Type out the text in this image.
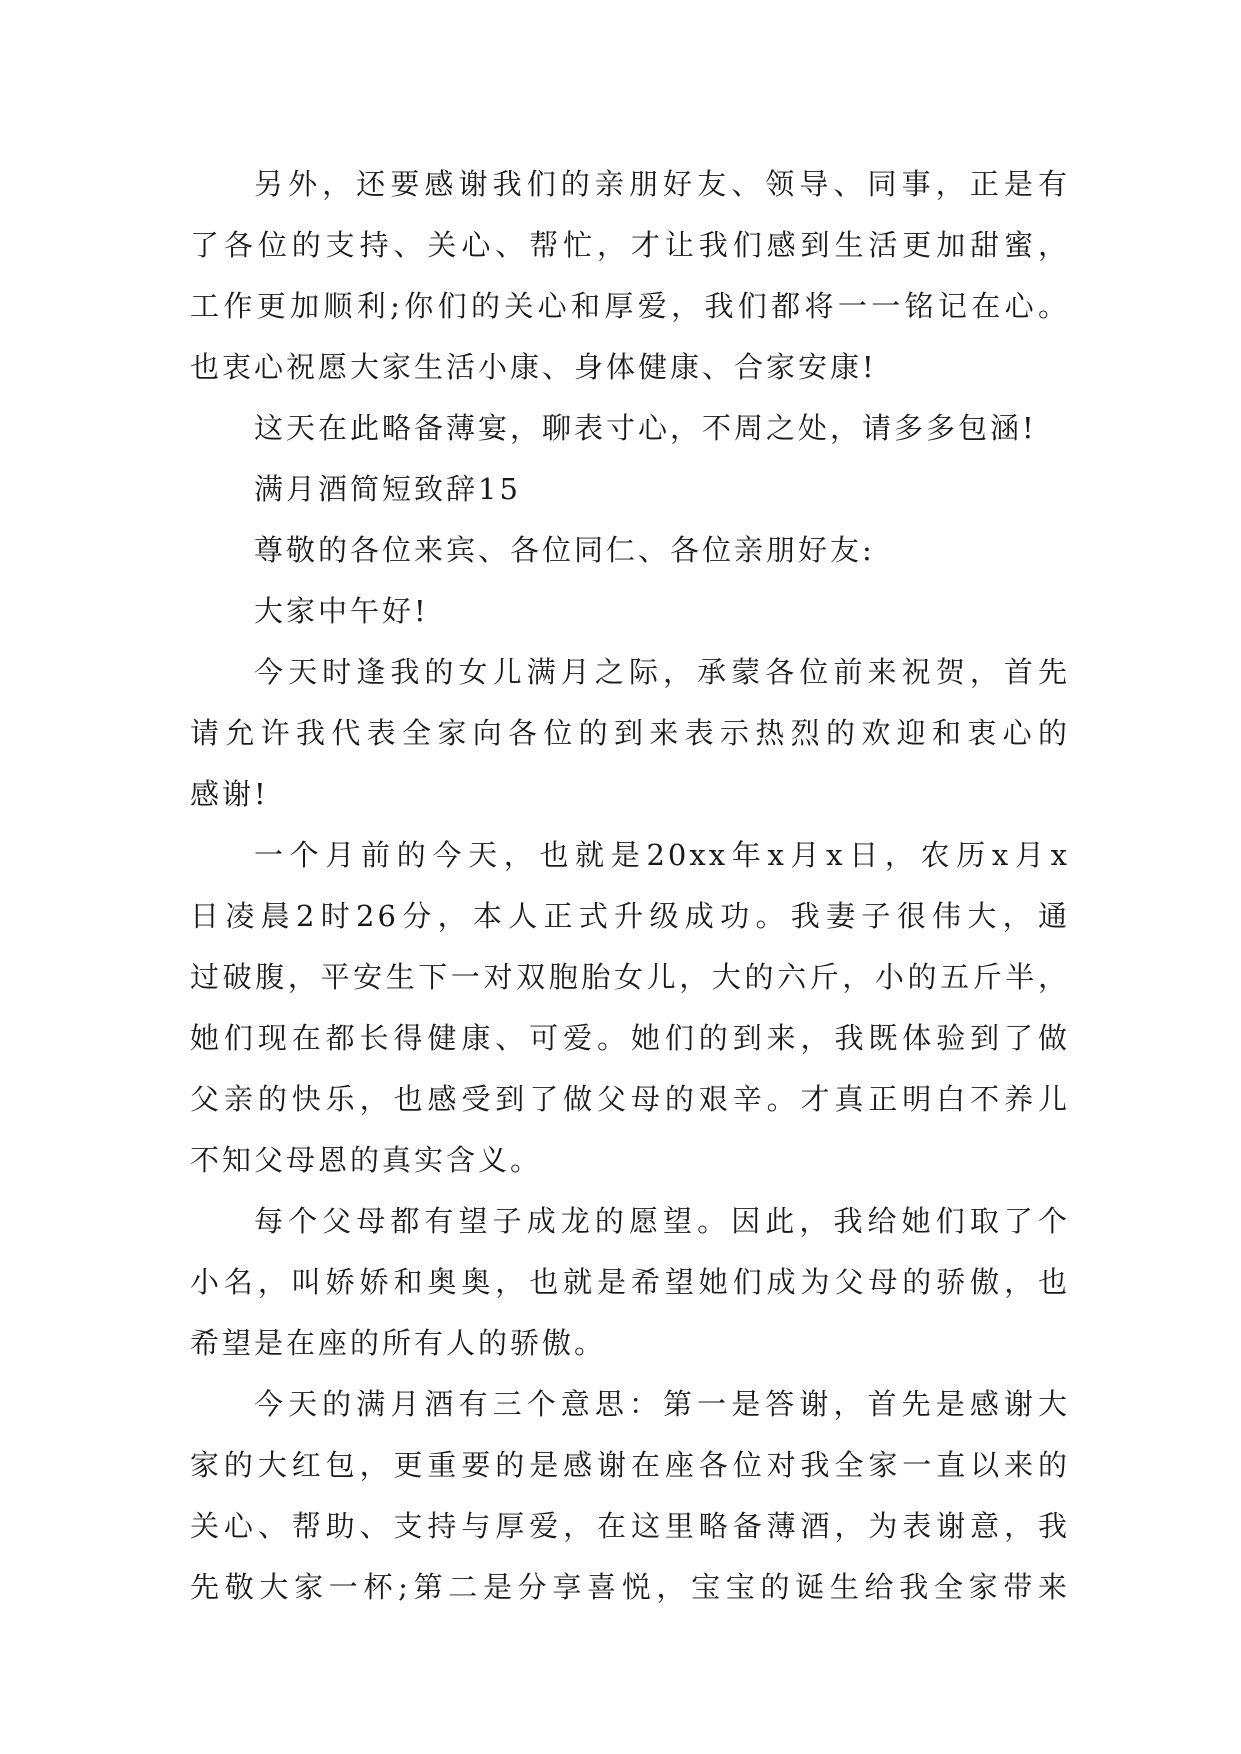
另外，还要感谢我们的亲朋好友、领导、同事，正是有
了各位的支持、关心、帮忙，才让我们感到生活更加甜蜜，
工作更加顺利;你们的关心和厚爱，我们都将一一铭记在心。
也衷心祝愿大家生活小康、身体健康、合家安康!
这天在此略备薄宴，聊表寸心，不周之处，请多多包涵!
满月酒简短致辞15
尊敬的各位来宾、各位同仁、各位亲朋好友:
大家中午好!
今天时逢我的女儿满月之际，承蒙各位前来祝贺，首先
请允许我代表全家向各位的到来表示热烈的欢迎和衷心的
感谢!
一个月前的今天，也就是20xx年x月x日，农历x月x
日凌晨2时26分，本人正式升级成功。我妻子很伟大，通
过破腹，平安生下一对双胞胎女儿，大的六斤，小的五斤半，
她们现在都长得健康、可爱。她们的到来，我既体验到了做
父亲的快乐，也感受到了做父母的艰辛。才真正明白不养儿
不知父母恩的真实含义。
每个父母都有望子成龙的愿望。因此，我给她们取了个
小名，叫娇娇和奥奥，也就是希望她们成为父母的骄傲，也
希望是在座的所有人的骄傲。
今天的满月酒有三个意思：第一是答谢，首先是感谢大
家的大红包，更重要的是感谢在座各位对我全家一直以来的
关心、帮助、支持与厚爱，在这里略备薄酒，为表谢意，我
先敬大家一杯;第二是分享喜悦，宝宝的诞生给我全家带来
